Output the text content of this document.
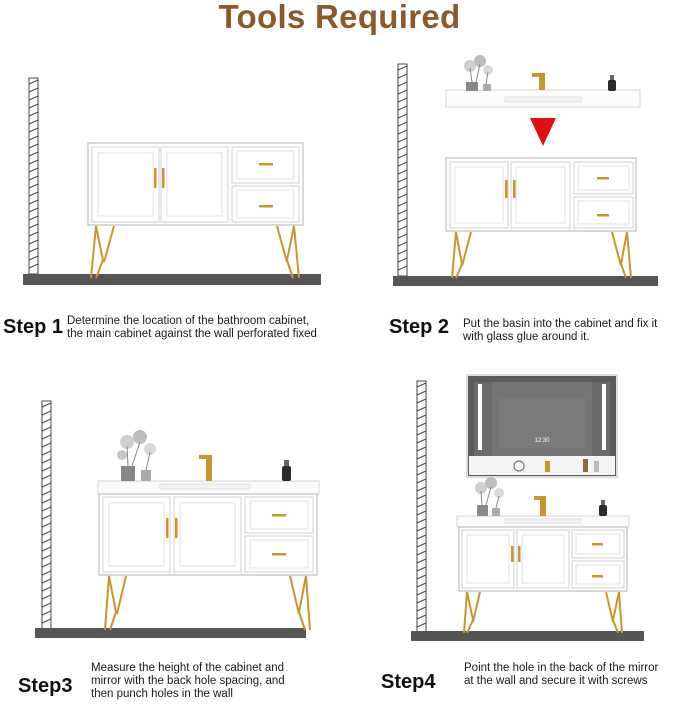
Tools Required
Step 1 Determine the location of the bathroom cabinet,
the main cabinet against the wall perforated fixed	Step 2 Put the basin into the cabinet and fix it
with glass glue around it.
Step3
Measure the height of the cabinet and
mirror with the back hole spacing, and
then punch holes in the wall
12:30
Step4
Point the hole in the back of the mirror
at the wall and secure it with screws
